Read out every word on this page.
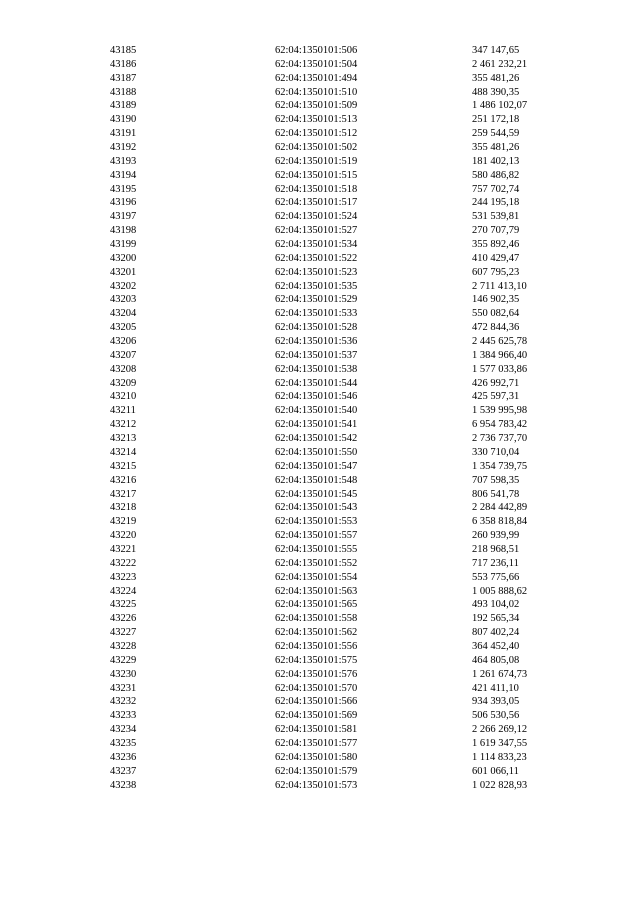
43185	62:04:1350101:506	347 147,65
43186	62:04:1350101:504	2 461 232,21
43187	62:04:1350101:494	355 481,26
43188	62:04:1350101:510	488 390,35
43189	62:04:1350101:509	1 486 102,07
43190	62:04:1350101:513	251 172,18
43191	62:04:1350101:512	259 544,59
43192	62:04:1350101:502	355 481,26
43193	62:04:1350101:519	181 402,13
43194	62:04:1350101:515	580 486,82
43195	62:04:1350101:518	757 702,74
43196	62:04:1350101:517	244 195,18
43197	62:04:1350101:524	531 539,81
43198	62:04:1350101:527	270 707,79
43199	62:04:1350101:534	355 892,46
43200	62:04:1350101:522	410 429,47
43201	62:04:1350101:523	607 795,23
43202	62:04:1350101:535	2 711 413,10
43203	62:04:1350101:529	146 902,35
43204	62:04:1350101:533	550 082,64
43205	62:04:1350101:528	472 844,36
43206	62:04:1350101:536	2 445 625,78
43207	62:04:1350101:537	1 384 966,40
43208	62:04:1350101:538	1 577 033,86
43209	62:04:1350101:544	426 992,71
43210	62:04:1350101:546	425 597,31
43211	62:04:1350101:540	1 539 995,98
43212	62:04:1350101:541	6 954 783,42
43213	62:04:1350101:542	2 736 737,70
43214	62:04:1350101:550	330 710,04
43215	62:04:1350101:547	1 354 739,75
43216	62:04:1350101:548	707 598,35
43217	62:04:1350101:545	806 541,78
43218	62:04:1350101:543	2 284 442,89
43219	62:04:1350101:553	6 358 818,84
43220	62:04:1350101:557	260 939,99
43221	62:04:1350101:555	218 968,51
43222	62:04:1350101:552	717 236,11
43223	62:04:1350101:554	553 775,66
43224	62:04:1350101:563	1 005 888,62
43225	62:04:1350101:565	493 104,02
43226	62:04:1350101:558	192 565,34
43227	62:04:1350101:562	807 402,24
43228	62:04:1350101:556	364 452,40
43229	62:04:1350101:575	464 805,08
43230	62:04:1350101:576	1 261 674,73
43231	62:04:1350101:570	421 411,10
43232	62:04:1350101:566	934 393,05
43233	62:04:1350101:569	506 530,56
43234	62:04:1350101:581	2 266 269,12
43235	62:04:1350101:577	1 619 347,55
43236	62:04:1350101:580	1 114 833,23
43237	62:04:1350101:579	601 066,11
43238	62:04:1350101:573	1 022 828,93
